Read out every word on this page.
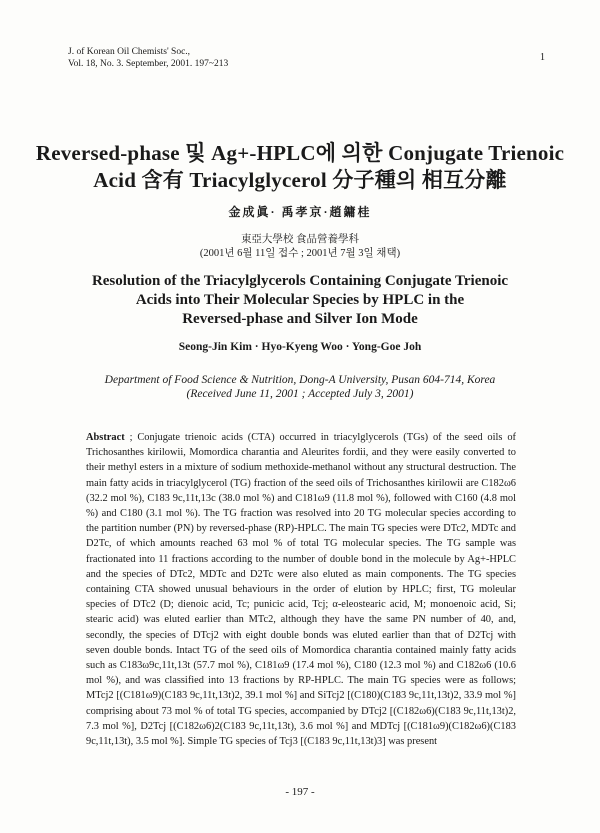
J. of Korean Oil Chemists' Soc.,
Vol. 18, No. 3. September, 2001. 197~213
1
Reversed-phase 및 Ag+-HPLC에 의한 Conjugate Trienoic
Acid 含有 Triacylglycerol 分子種의 相互分離
金成眞· 禹孝京·趙鏞桂
東亞大學校 食品營養學科
(2001년 6월 11일 접수 ; 2001년 7월 3일 채택)
Resolution of the Triacylglycerols Containing Conjugate Trienoic
Acids into Their Molecular Species by HPLC in the
Reversed-phase and Silver Ion Mode
Seong-Jin Kim · Hyo-Kyeng Woo · Yong-Goe Joh
Department of Food Science & Nutrition, Dong-A University, Pusan 604-714, Korea
(Received June 11, 2001 ; Accepted July 3, 2001)
Abstract ; Conjugate trienoic acids (CTA) occurred in triacylglycerols (TGs) of the seed oils of Trichosanthes kirilowii, Momordica charantia and Aleurites fordii, and they were easily converted to their methyl esters in a mixture of sodium methoxide-methanol without any structural destruction. The main fatty acids in triacylglycerol (TG) fraction of the seed oils of Trichosanthes kirilowii are C182ω6 (32.2 mol %), C183 9c,11t,13c (38.0 mol %) and C181ω9 (11.8 mol %), followed with C160 (4.8 mol %) and C180 (3.1 mol %). The TG fraction was resolved into 20 TG molecular species according to the partition number (PN) by reversed-phase (RP)-HPLC. The main TG species were DTc2, MDTc and D2Tc, of which amounts reached 63 mol % of total TG molecular species. The TG sample was fractionated into 11 fractions according to the number of double bond in the molecule by Ag+-HPLC and the species of DTc2, MDTc and D2Tc were also eluted as main components. The TG species containing CTA showed unusual behaviours in the order of elution by HPLC; first, TG moleular species of DTc2 (D; dienoic acid, Tc; punicic acid, Tcj; α-eleostearic acid, M; monoenoic acid, Si; stearic acid) was eluted earlier than MTc2, although they have the same PN number of 40, and, secondly, the species of DTcj2 with eight double bonds was eluted earlier than that of D2Tcj with seven double bonds. Intact TG of the seed oils of Momordica charantia contained mainly fatty acids such as C183ω9c,11t,13t (57.7 mol %), C181ω9 (17.4 mol %), C180 (12.3 mol %) and C182ω6 (10.6 mol %), and was classified into 13 fractions by RP-HPLC. The main TG species were as follows; MTcj2 [(C181ω9)(C183 9c,11t,13t)2, 39.1 mol %] and SiTcj2 [(C180)(C183 9c,11t,13t)2, 33.9 mol %] comprising about 73 mol % of total TG species, accompanied by DTcj2 [(C182ω6)(C183 9c,11t,13t)2, 7.3 mol %], D2Tcj [(C182ω6)2(C183 9c,11t,13t), 3.6 mol %] and MDTcj [(C181ω9)(C182ω6)(C183 9c,11t,13t), 3.5 mol %]. Simple TG species of Tcj3 [(C183 9c,11t,13t)3] was present
- 197 -
